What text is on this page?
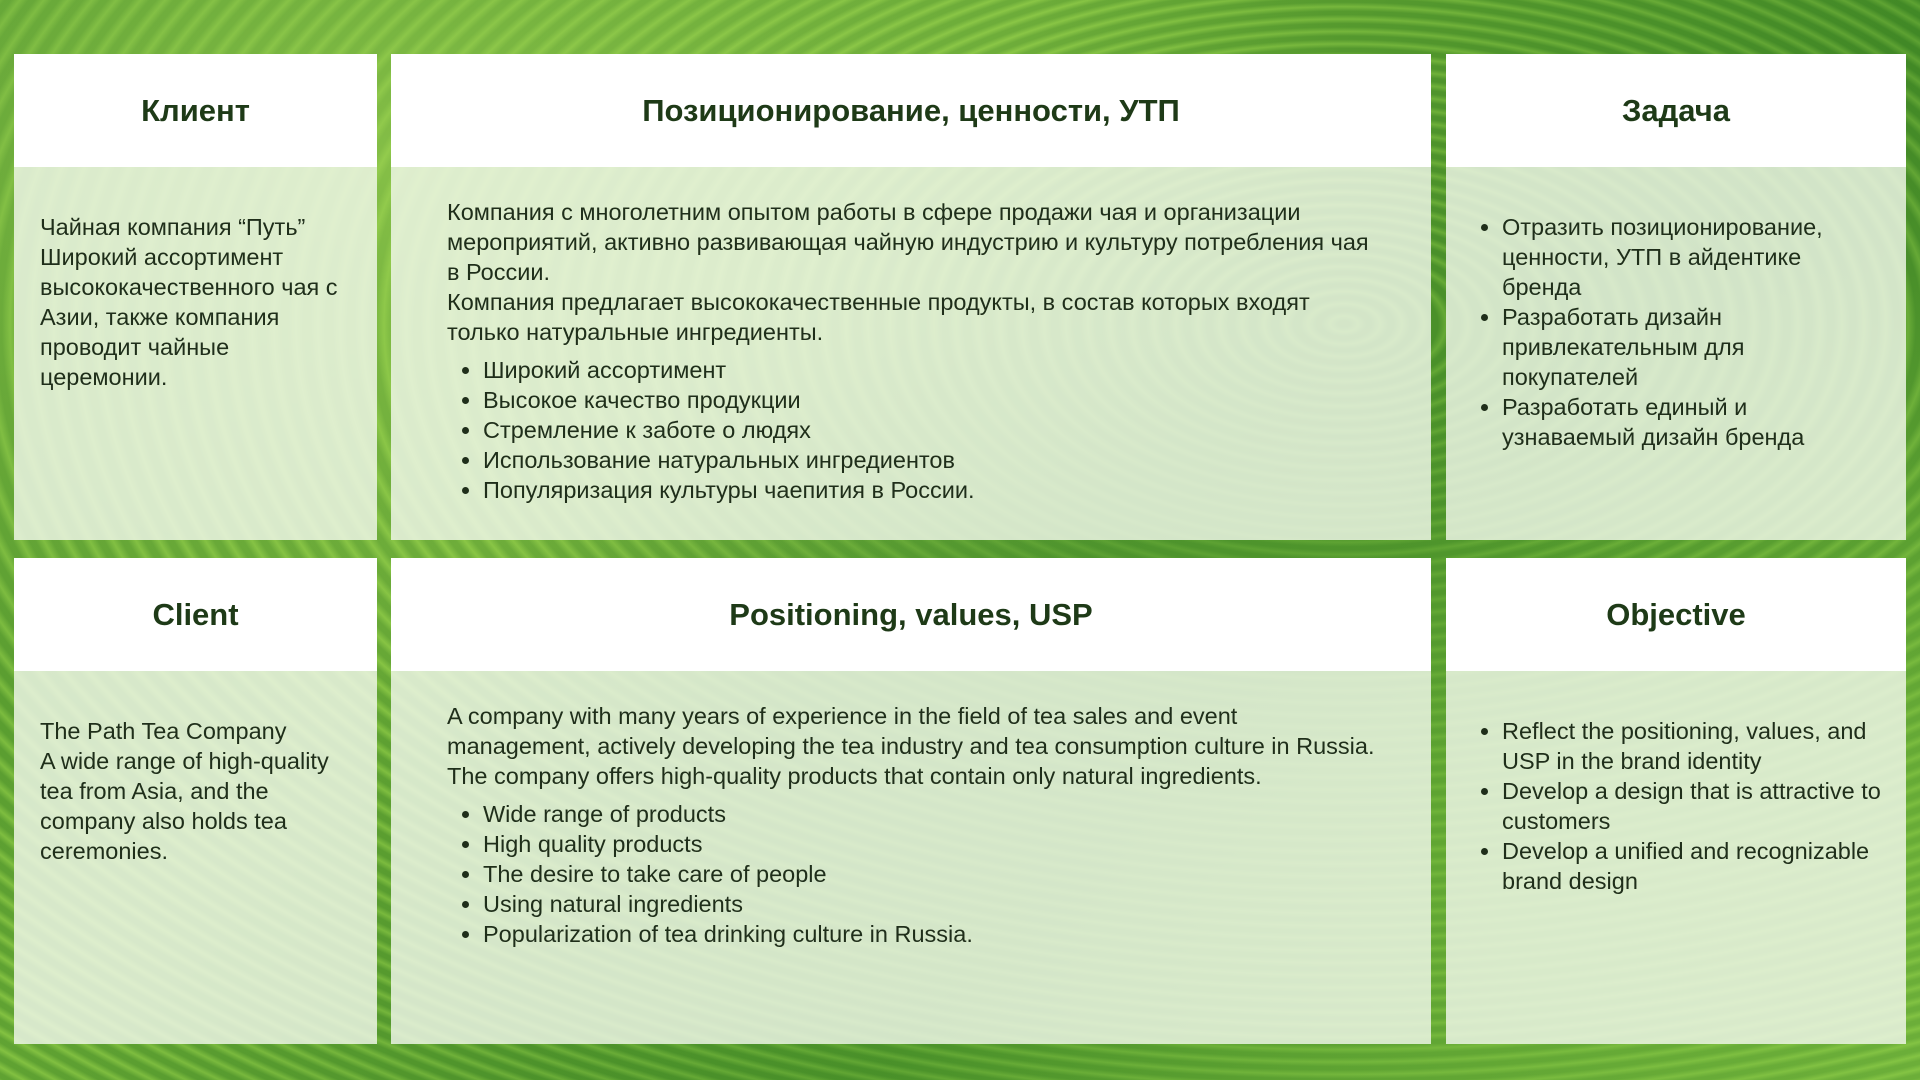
Клиент

Чайная компания “Путь”

Широкий ассортимент высококачественного чая с Азии, также компания проводит чайные церемонии.

Позиционирование, ценности, УТП

Компания с многолетним опытом работы в сфере продажи чая и организации мероприятий, активно развивающая чайную индустрию и культуру потребления чая в России.

Компания предлагает высококачественные продукты, в состав которых входят только натуральные ингредиенты.

• Широкий ассортимент
• Высокое качество продукции
• Стремление к заботе о людях
• Использование натуральных ингредиентов
• Популяризация культуры чаепития в России.
Задача
• Отразить позиционирование, ценности, УТП в айдентике бренда
• Разработать дизайн привлекательным для покупателей
• Разработать единый и узнаваемый дизайн бренда
Client

The Path Tea Company

A wide range of high-quality tea from Asia, and the company also holds tea ceremonies.

Positioning, values, USP

A company with many years of experience in the field of tea sales and event management, actively developing the tea industry and tea consumption culture in Russia.

The company offers high-quality products that contain only natural ingredients.

• Wide range of products
• High quality products
• The desire to take care of people
• Using natural ingredients
• Popularization of tea drinking culture in Russia.
Objective
• Reflect the positioning, values, and USP in the brand identity
• Develop a design that is attractive to customers
• Develop a unified and recognizable brand design
